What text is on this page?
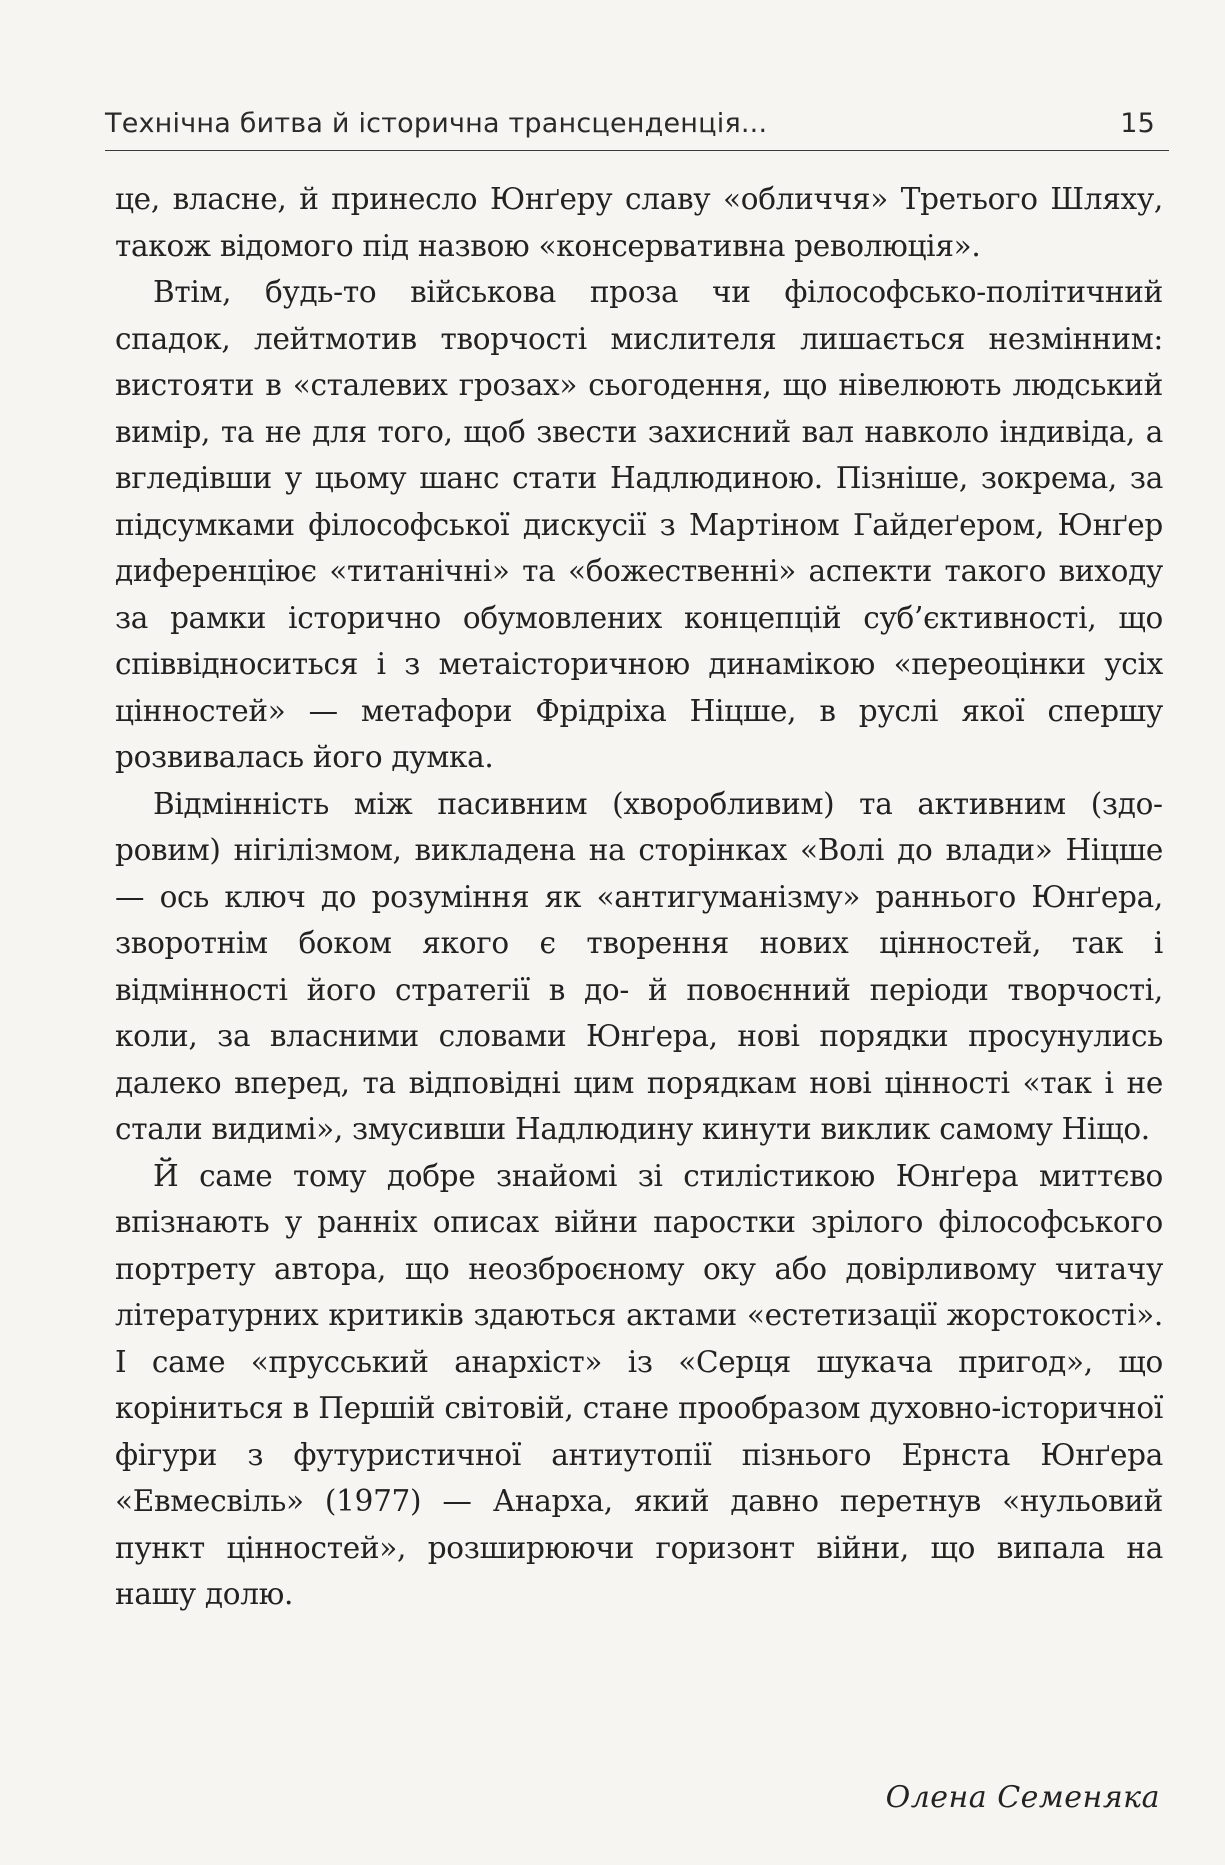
Технічна битва й історична трансценденція...	15

це, власне, й принесло Юнґеру славу «обличчя» Третього Шляху, також відомого під назвою «консервативна революція».

Втім, будь-то військова проза чи філософсько-політичний спадок, лейтмотив творчості мислителя лишається незмінним: вистояти в «сталевих грозах» сьогодення, що нівелюють людський вимір, та не для того, щоб звести захисний вал навколо індивіда, а вгледівши у цьому шанс стати Надлюдиною. Пізніше, зокрема, за підсумками філософської дискусії з Мартіном Гайдеґером, Юнґер диференціює «титанічні» та «божественні» аспекти такого виходу за рамки історично обумовлених концепцій суб’єктивності, що співвідноситься і з метаісторичною динамікою «переоцінки усіх цінностей» — метафори Фрідріха Ніцше, в руслі якої спершу розвивалась його думка.

Відмінність між пасивним (хворобливим) та активним (здоровим) нігілізмом, викладена на сторінках «Волі до влади» Ніцше — ось ключ до розуміння як «антигуманізму» раннього Юнґера, зворотнім боком якого є творення нових цінностей, так і відмінності його стратегії в до- й повоєнний періоди творчості, коли, за власними словами Юнґера, нові порядки просунулись далеко вперед, та відповідні цим порядкам нові цінності «так і не стали видимі», змусивши Надлюдину кинути виклик самому Ніщо.

Й саме тому добре знайомі зі стилістикою Юнґера миттєво впізнають у ранніх описах війни паростки зрілого філософського портрету автора, що неозброєному оку або довірливому читачу літературних критиків здаються актами «естетизації жорстокості». І саме «прусський анархіст» із «Серця шукача пригод», що коріниться в Першій світовій, стане прообразом духовно-історичної фігури з футуристичної антиутопії пізнього Ернста Юнґера «Евмесвіль» (1977) — Анарха, який давно перетнув «нульовий пункт цінностей», розширюючи горизонт війни, що випала на нашу долю.

Олена Семеняка
